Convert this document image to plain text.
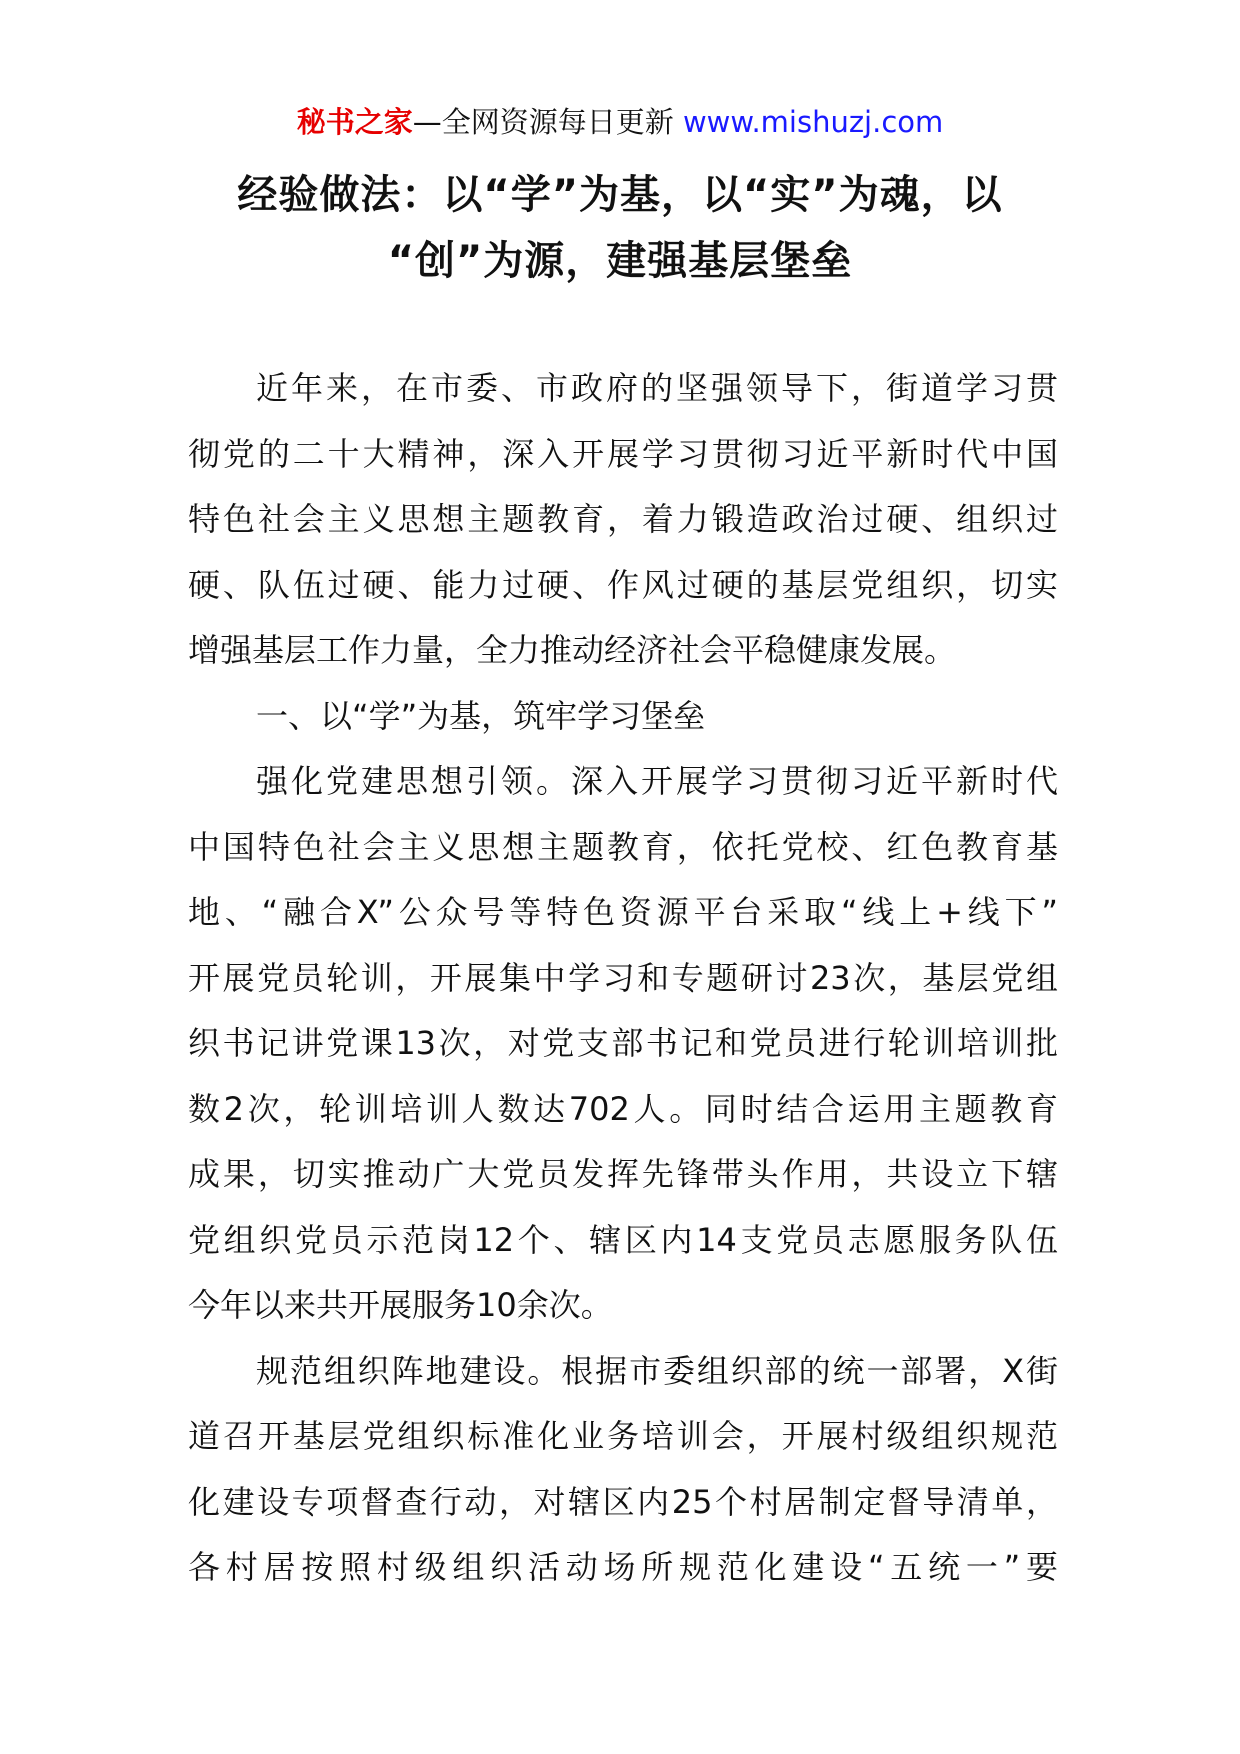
秘书之家—全网资源每日更新 www.mishuzj.com
经验做法：以“学”为基，以“实”为魂，以
“创”为源，建强基层堡垒

近年来，在市委、市政府的坚强领导下，街道学习贯
彻党的二十大精神，深入开展学习贯彻习近平新时代中国
特色社会主义思想主题教育，着力锻造政治过硬、组织过
硬、队伍过硬、能力过硬、作风过硬的基层党组织，切实
增强基层工作力量，全力推动经济社会平稳健康发展。

一、以“学”为基，筑牢学习堡垒

强化党建思想引领。深入开展学习贯彻习近平新时代
中国特色社会主义思想主题教育，依托党校、红色教育基
地、“融合X”公众号等特色资源平台采取“线上+线下”
开展党员轮训，开展集中学习和专题研讨23次，基层党组
织书记讲党课13次，对党支部书记和党员进行轮训培训批
数2次，轮训培训人数达702人。同时结合运用主题教育
成果，切实推动广大党员发挥先锋带头作用，共设立下辖
党组织党员示范岗12个、辖区内14支党员志愿服务队伍
今年以来共开展服务10余次。

规范组织阵地建设。根据市委组织部的统一部署，X街
道召开基层党组织标准化业务培训会，开展村级组织规范
化建设专项督查行动，对辖区内25个村居制定督导清单，
各村居按照村级组织活动场所规范化建设“五统一”要
